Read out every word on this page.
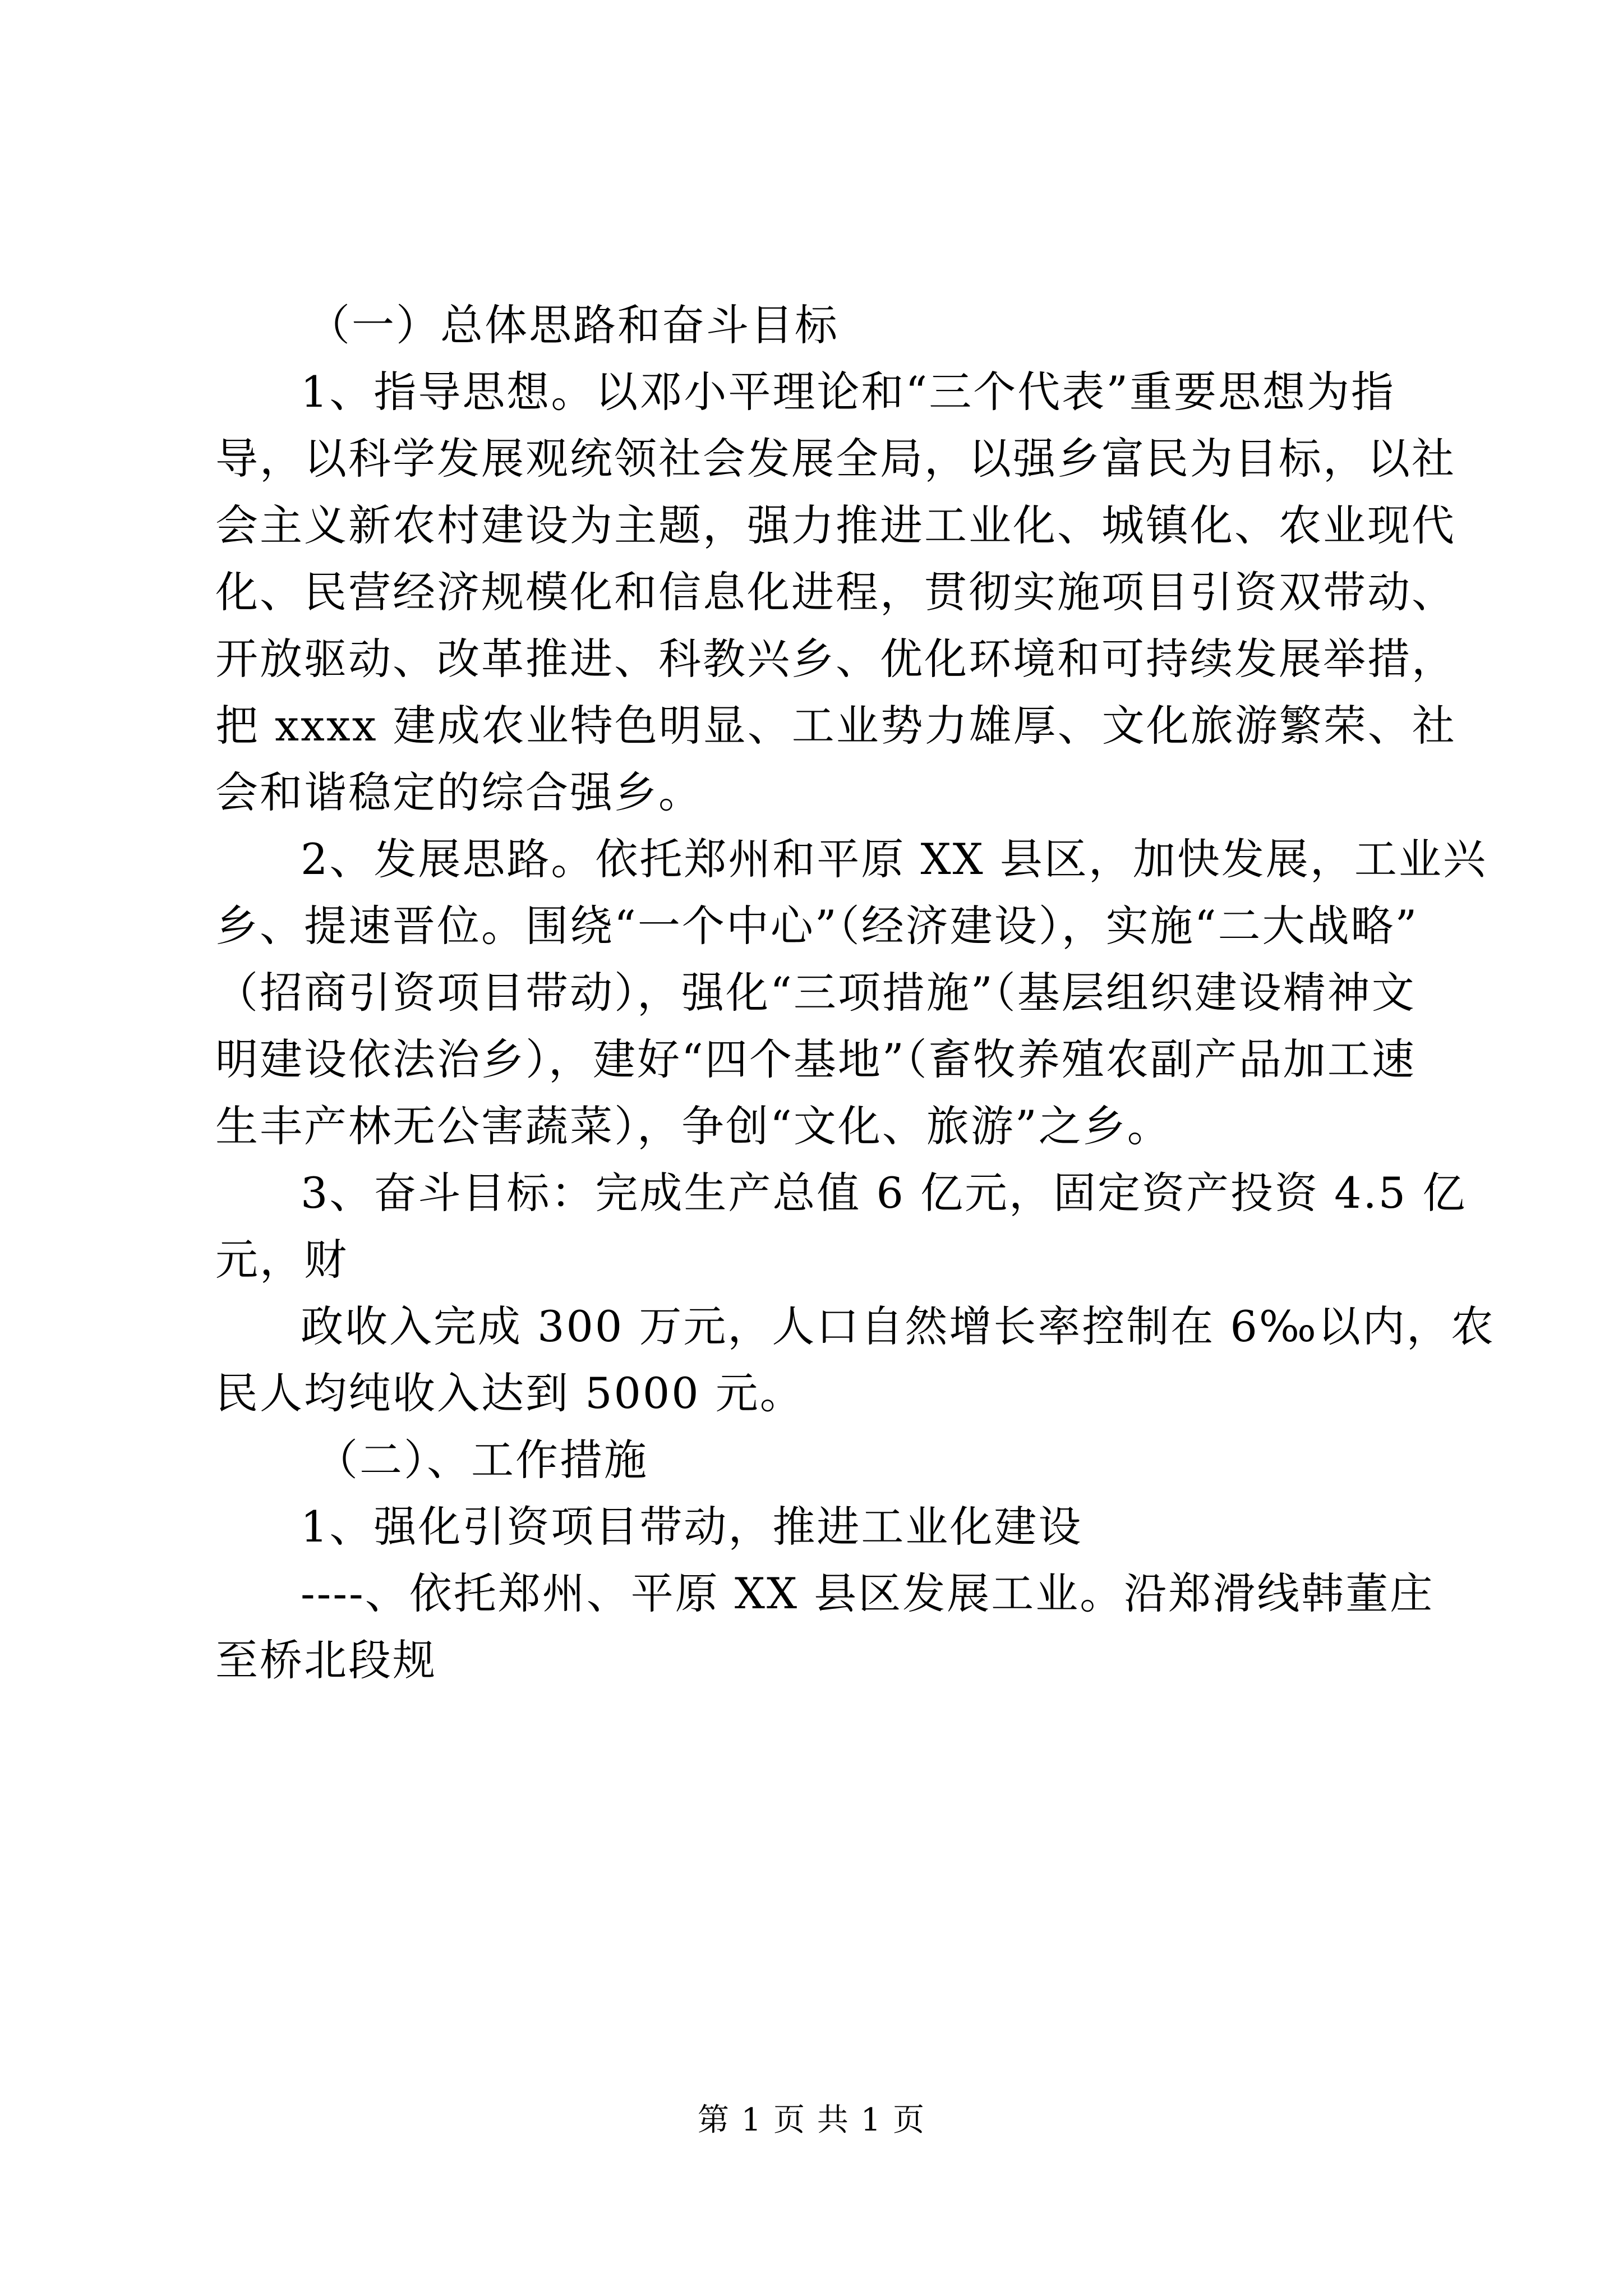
（一）总体思路和奋斗目标
1、指导思想。以邓小平理论和“三个代表”重要思想为指
导，以科学发展观统领社会发展全局，以强乡富民为目标，以社
会主义新农村建设为主题，强力推进工业化、城镇化、农业现代
化、民营经济规模化和信息化进程，贯彻实施项目引资双带动、
开放驱动、改革推进、科教兴乡、优化环境和可持续发展举措，
把 xxxx 建成农业特色明显、工业势力雄厚、文化旅游繁荣、社
会和谐稳定的综合强乡。
2、发展思路。依托郑州和平原 XX 县区，加快发展，工业兴
乡、提速晋位。围绕“一个中心”（经济建设），实施“二大战略”
（招商引资项目带动），强化“三项措施”（基层组织建设精神文
明建设依法治乡），建好“四个基地”（畜牧养殖农副产品加工速
生丰产林无公害蔬菜），争创“文化、旅游”之乡。
3、奋斗目标：完成生产总值 6 亿元，固定资产投资 4.5 亿
元，财
政收入完成 300 万元，人口自然增长率控制在 6‰以内，农
民人均纯收入达到 5000 元。
（二）、工作措施
1、强化引资项目带动，推进工业化建设
----、依托郑州、平原 XX 县区发展工业。沿郑滑线韩董庄
至桥北段规
第 1 页 共 1 页
